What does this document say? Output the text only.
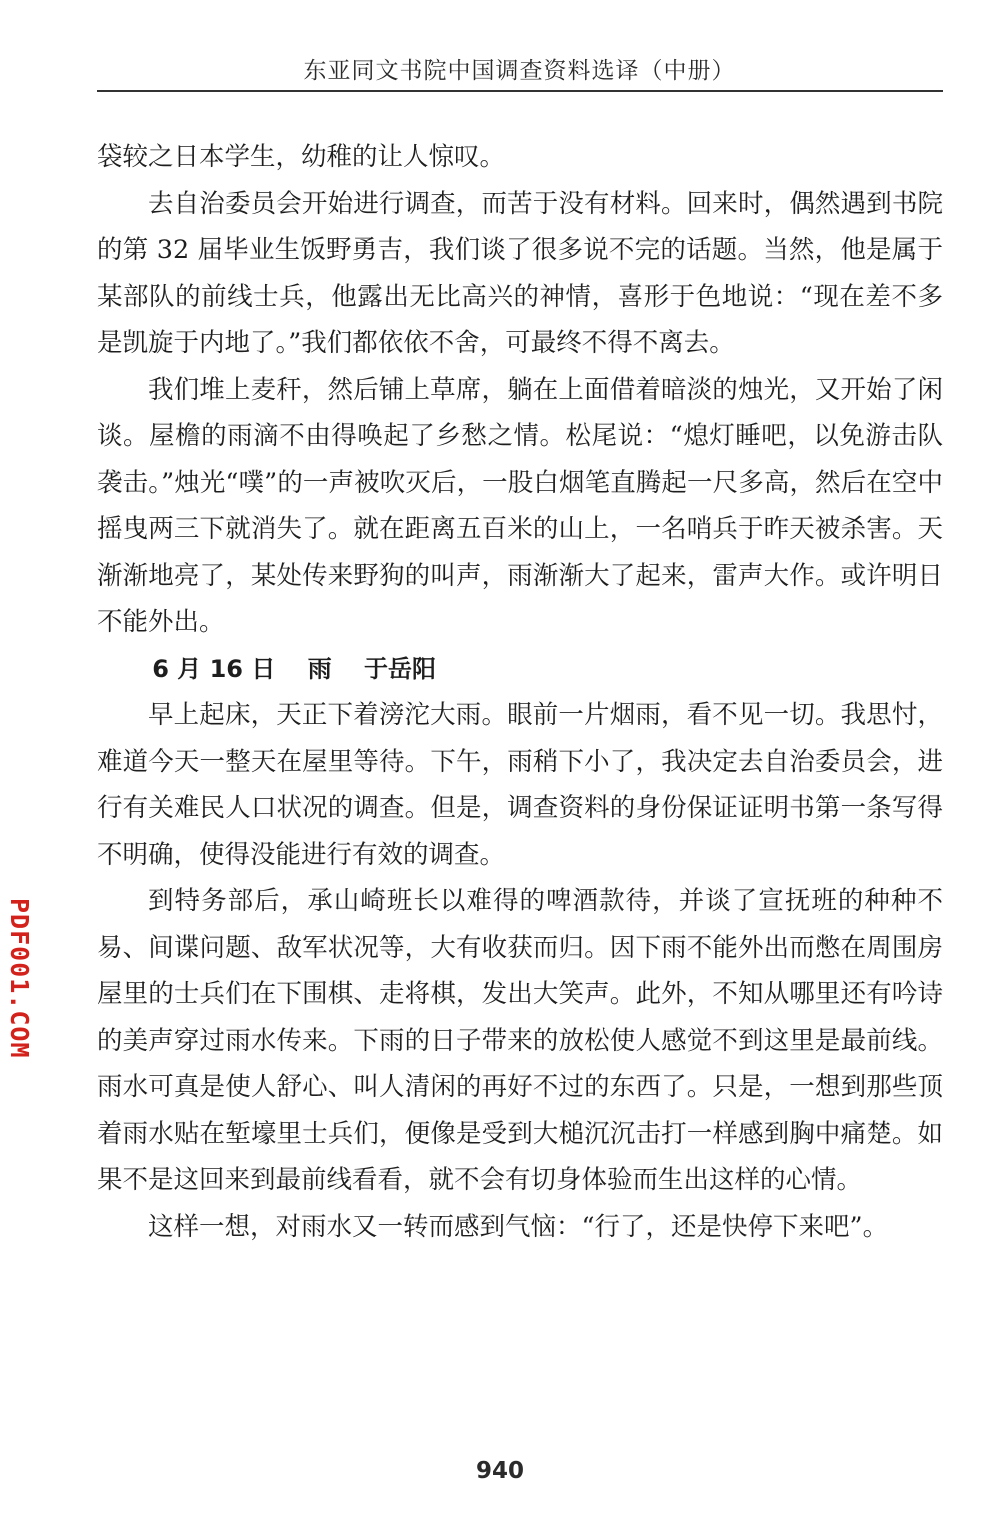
东亚同文书院中国调查资料选译（中册）

袋较之日本学生，幼稚的让人惊叹。

去自治委员会开始进行调查，而苦于没有材料。回来时，偶然遇到书院的第 32 届毕业生饭野勇吉，我们谈了很多说不完的话题。当然，他是属于某部队的前线士兵，他露出无比高兴的神情，喜形于色地说：“现在差不多是凯旋于内地了。”我们都依依不舍，可最终不得不离去。

我们堆上麦秆，然后铺上草席，躺在上面借着暗淡的烛光，又开始了闲谈。屋檐的雨滴不由得唤起了乡愁之情。松尾说：“熄灯睡吧，以免游击队袭击。”烛光“噗”的一声被吹灭后，一股白烟笔直腾起一尺多高，然后在空中摇曳两三下就消失了。就在距离五百米的山上，一名哨兵于昨天被杀害。天渐渐地亮了，某处传来野狗的叫声，雨渐渐大了起来，雷声大作。或许明日不能外出。

6 月 16 日　 雨　 于岳阳

早上起床，天正下着滂沱大雨。眼前一片烟雨，看不见一切。我思忖，难道今天一整天在屋里等待。下午，雨稍下小了，我决定去自治委员会，进行有关难民人口状况的调查。但是，调查资料的身份保证证明书第一条写得不明确，使得没能进行有效的调查。

到特务部后，承山崎班长以难得的啤酒款待，并谈了宣抚班的种种不易、间谍问题、敌军状况等，大有收获而归。因下雨不能外出而憋在周围房屋里的士兵们在下围棋、走将棋，发出大笑声。此外，不知从哪里还有吟诗的美声穿过雨水传来。下雨的日子带来的放松使人感觉不到这里是最前线。雨水可真是使人舒心、叫人清闲的再好不过的东西了。只是，一想到那些顶着雨水贴在堑壕里士兵们，便像是受到大槌沉沉击打一样感到胸中痛楚。如果不是这回来到最前线看看，就不会有切身体验而生出这样的心情。

这样一想，对雨水又一转而感到气恼：“行了，还是快停下来吧”。

PDF001.COM
940
